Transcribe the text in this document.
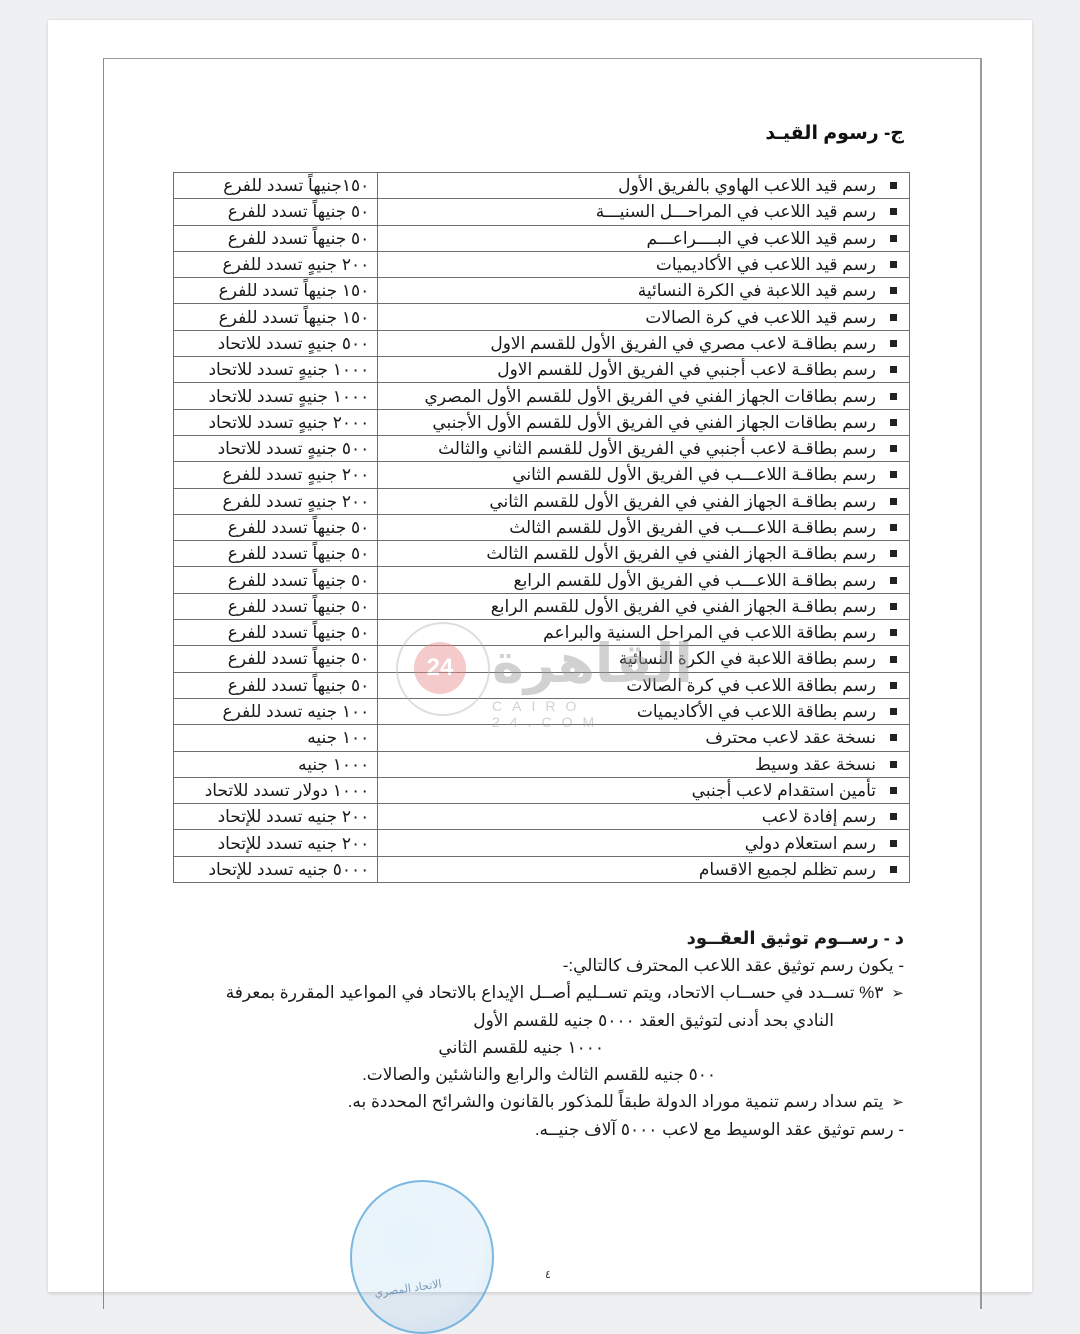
ج- رسوم القيـد
رسم قيد اللاعب الهاوي بالفريق الأول	١٥٠جنيهاً تسدد للفرع
رسم قيد اللاعب في المراحـــل السنيـــة	٥٠ جنيهاً تسدد للفرع
رسم قيد اللاعب في البــــراعـــم	٥٠ جنيهاً تسدد للفرع
رسم قيد اللاعب في الأكاديميات	٢٠٠ جنيهٍ تسدد للفرع
رسم قيد اللاعبة في الكرة النسائية	١٥٠ جنيهاً تسدد للفرع
رسم قيد اللاعب في كرة الصالات	١٥٠ جنيهاً تسدد للفرع
رسم بطاقـة لاعب مصري في الفريق الأول للقسم الاول	٥٠٠ جنيهٍ تسدد للاتحاد
رسم بطاقـة لاعب أجنبي في الفريق الأول للقسم الاول	١٠٠٠ جنيهٍ تسدد للاتحاد
رسم بطاقات الجهاز الفني في الفريق الأول للقسم الأول المصري	١٠٠٠ جنيهٍ تسدد للاتحاد
رسم بطاقات الجهاز الفني في الفريق الأول للقسم الأول الأجنبي	٢٠٠٠ جنيهٍ تسدد للاتحاد
رسم بطاقـة لاعب أجنبي في الفريق الأول للقسم الثاني والثالث	٥٠٠ جنيهٍ تسدد للاتحاد
رسم بطاقـة اللاعـــب في الفريق الأول للقسم الثاني	٢٠٠ جنيهٍ تسدد للفرع
رسم بطاقـة الجهاز الفني في الفريق الأول للقسم الثاني	٢٠٠ جنيهٍ تسدد للفرع
رسم بطاقـة اللاعـــب في الفريق الأول للقسم الثالث	٥٠ جنيهاً تسدد للفرع
رسم بطاقـة الجهاز الفني في الفريق الأول للقسم الثالث	٥٠ جنيهاً تسدد للفرع
رسم بطاقـة اللاعـــب في الفريق الأول للقسم الرابع	٥٠ جنيهاً تسدد للفرع
رسم بطاقـة الجهاز الفني في الفريق الأول للقسم الرابع	٥٠ جنيهاً تسدد للفرع
رسم بطاقة اللاعب في المراحل السنية والبراعم	٥٠ جنيهاً تسدد للفرع
رسم بطاقة اللاعبة في الكرة النسائية	٥٠ جنيهاً تسدد للفرع
رسم بطاقة اللاعب في كرة الصالات	٥٠ جنيهاً تسدد للفرع
رسم بطاقة اللاعب في الأكاديميات	١٠٠ جنيه تسدد للفرع
نسخة عقد لاعب محترف	١٠٠ جنيه
نسخة عقد وسيط	١٠٠٠ جنيه
تأمين استقدام لاعب أجنبي	١٠٠٠ دولار تسدد للاتحاد
رسم إفادة لاعب	٢٠٠ جنيه تسدد للإتحاد
رسم استعلام دولي	٢٠٠ جنيه تسدد للإتحاد
رسم تظلم لجميع الاقسام	٥٠٠٠ جنيه تسدد للإتحاد
24 القاهرة
CAIRO 24.COM

د - رســوم توثيق العقــود

- يكون رسم توثيق عقد اللاعب المحترف كالتالي:-

➢٣% تســدد في حســاب الاتحاد، ويتم تســليم أصــل الإيداع بالاتحاد في المواعيد المقررة بمعرفة

النادي بحد أدنى لتوثيق العقد ٥٠٠٠ جنيه للقسم الأول

١٠٠٠ جنيه للقسم الثاني

٥٠٠ جنيه للقسم الثالث والرابع والناشئين والصالات.

➢يتم سداد رسم تنمية موراد الدولة طبقاً للمذكور بالقانون والشرائح المحددة به.

- رسم توثيق عقد الوسيط مع لاعب ٥٠٠٠ آلاف جنيــه.

الاتحاد المصري
٤
